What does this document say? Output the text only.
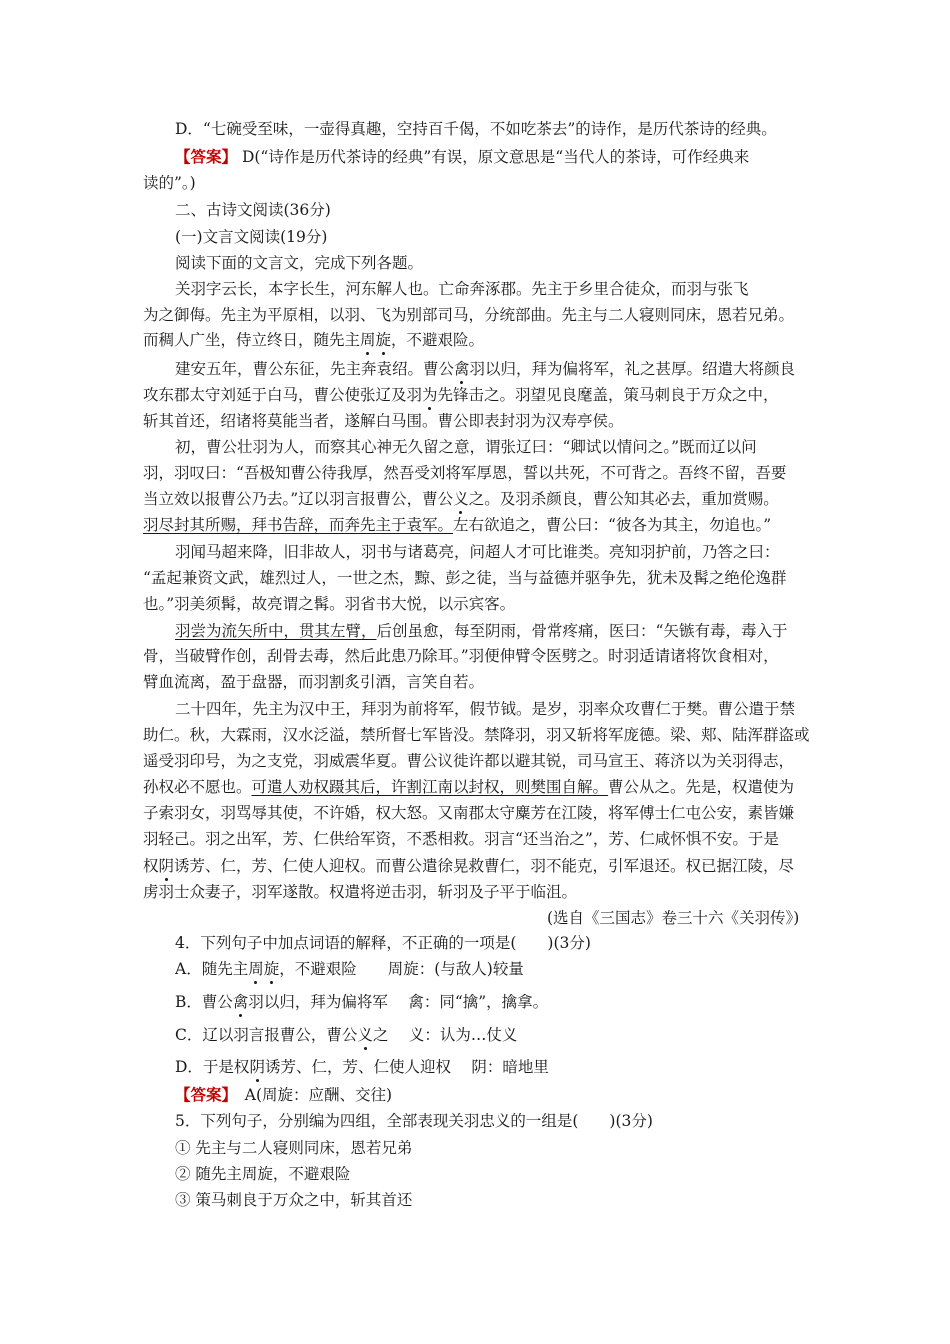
D．“七碗受至味，一壶得真趣，空持百千偈，不如吃茶去”的诗作，是历代茶诗的经典。
【答案】 D(“诗作是历代茶诗的经典”有误，原文意思是“当代人的茶诗，可作经典来
读的”。)
二、古诗文阅读(36分)
(一)文言文阅读(19分)
阅读下面的文言文，完成下列各题。
关羽字云长，本字长生，河东解人也。亡命奔涿郡。先主于乡里合徒众，而羽与张飞
为之御侮。先主为平原相，以羽、飞为别部司马，分统部曲。先主与二人寝则同床，恩若兄弟。
而稠人广坐，侍立终日，随先主周旋，不避艰险。
建安五年，曹公东征，先主奔袁绍。曹公禽羽以归，拜为偏将军，礼之甚厚。绍遣大将颜良
攻东郡太守刘延于白马，曹公使张辽及羽为先锋击之。羽望见良麾盖，策马刺良于万众之中，
斩其首还，绍诸将莫能当者，遂解白马围。曹公即表封羽为汉寿亭侯。
初，曹公壮羽为人，而察其心神无久留之意，谓张辽曰：“卿试以情问之。”既而辽以问
羽，羽叹曰：“吾极知曹公待我厚，然吾受刘将军厚恩，誓以共死，不可背之。吾终不留，吾要
当立效以报曹公乃去。”辽以羽言报曹公，曹公义之。及羽杀颜良，曹公知其必去，重加赏赐。
羽尽封其所赐，拜书告辞，而奔先主于袁军。左右欲追之，曹公曰：“彼各为其主，勿追也。”
羽闻马超来降，旧非故人，羽书与诸葛亮，问超人才可比谁类。亮知羽护前，乃答之曰：
“孟起兼资文武，雄烈过人，一世之杰，黥、彭之徒，当与益德并驱争先，犹未及髯之绝伦逸群
也。”羽美须髯，故亮谓之髯。羽省书大悦，以示宾客。
羽尝为流矢所中，贯其左臂，后创虽愈，每至阴雨，骨常疼痛，医曰：“矢镞有毒，毒入于
骨，当破臂作创，刮骨去毒，然后此患乃除耳。”羽便伸臂令医劈之。时羽适请诸将饮食相对，
臂血流离，盈于盘器，而羽割炙引酒，言笑自若。
二十四年，先主为汉中王，拜羽为前将军，假节钺。是岁，羽率众攻曹仁于樊。曹公遣于禁
助仁。秋，大霖雨，汉水泛溢，禁所督七军皆没。禁降羽，羽又斩将军庞德。梁、郏、陆浑群盗或
遥受羽印号，为之支党，羽威震华夏。曹公议徙许都以避其锐，司马宣王、蒋济以为关羽得志，
孙权必不愿也。可遣人劝权蹑其后，许割江南以封权，则樊围自解。曹公从之。先是，权遣使为
子索羽女，羽骂辱其使，不许婚，权大怒。又南郡太守麋芳在江陵，将军傅士仁屯公安，素皆嫌
羽轻己。羽之出军，芳、仁供给军资，不悉相救。羽言“还当治之”，芳、仁咸怀惧不安。于是
权阴诱芳、仁，芳、仁使人迎权。而曹公遣徐晃救曹仁，羽不能克，引军退还。权已据江陵，尽
虏羽士众妻子，羽军遂散。权遣将逆击羽，斩羽及子平于临沮。
(选自《三国志》卷三十六《关羽传》)
4．下列句子中加点词语的解释，不正确的一项是(　　)(3分)
A．随先主周旋，不避艰险　　周旋：(与敌人)较量
B．曹公禽羽以归，拜为偏将军　 禽：同“擒”，擒拿。
C．辽以羽言报曹公，曹公义之　 义：认为…仗义
D．于是权阴诱芳、仁，芳、仁使人迎权　 阴：暗地里
【答案】　A(周旋：应酬、交往)
5．下列句子，分别编为四组，全部表现关羽忠义的一组是(　　)(3分)
① 先主与二人寝则同床，恩若兄弟
② 随先主周旋，不避艰险
③ 策马刺良于万众之中，斩其首还
